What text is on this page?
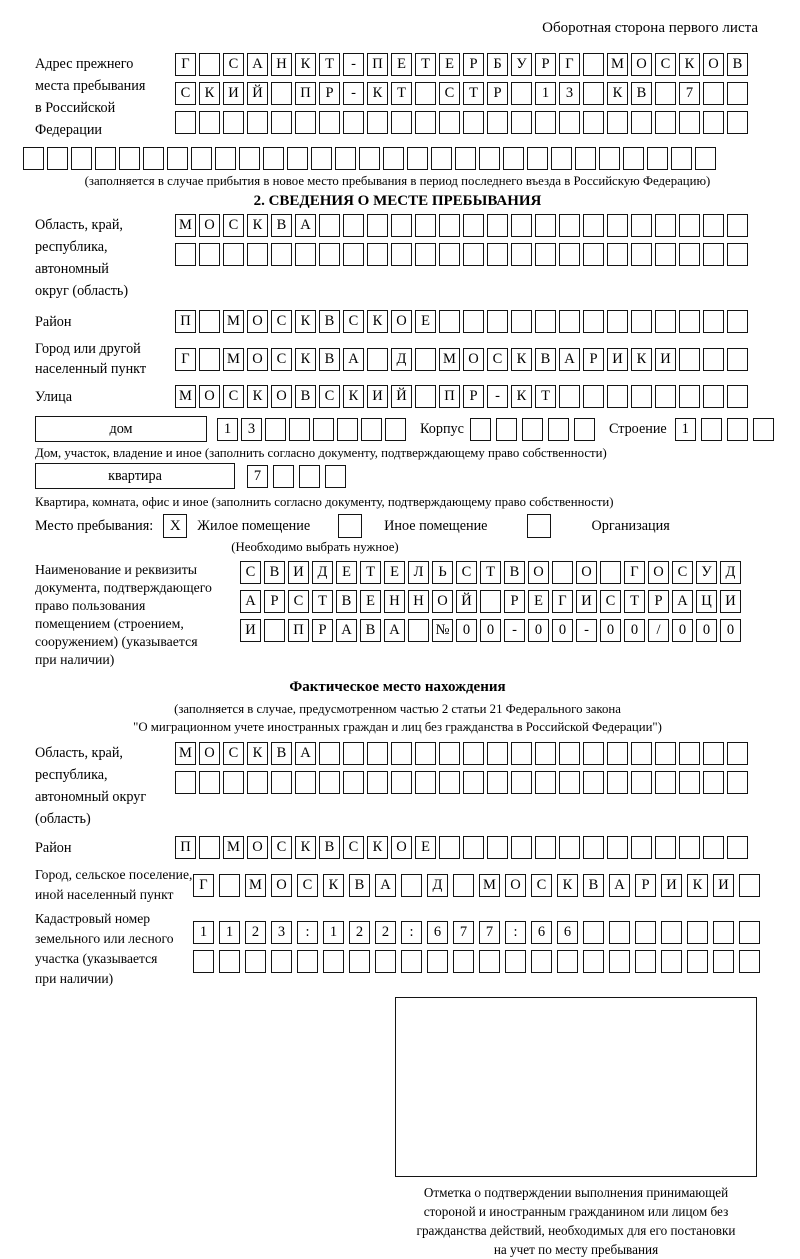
Оборотная сторона первого листа
Адрес прежнего
места пребывания
в Российской
Федерации
Г	С А Н К	Т	-	П Е	Т	Е	Р	Б	У	Р	Г	М О С К О В
С К И Й	П	Р	-	К	Т	С	Т	Р	1	3	К В	7
(заполняется в случае прибытия в новое место пребывания в период последнего въезда в Российскую Федерацию)
2. СВЕДЕНИЯ О МЕСТЕ ПРЕБЫВАНИЯ
Область, край,
республика,
автономный
округ (область)
М О С К В А
Район	П	М О С К В С К О Е
Город или другой
населенный пункт
Г	М О С К В А	Д	М О С К В А	Р	И К И
Улица	М О С К О В С К И Й	П	Р	-	К	Т
дом	1	3	Корпус	Строение	1
Дом, участок, владение и иное (заполнить согласно документу, подтверждающему право собственности)
квартира	7
Квартира, комната, офис и иное (заполнить согласно документу, подтверждающему право собственности)
Место пребывания:	X	Жилое помещение	Иное помещение	Организация
(Необходимо выбрать нужное)
Наименование и реквизиты
документа, подтверждающего
право пользования
помещением (строением,
сооружением) (указывается
при наличии)
С В И Д	Е	Т	Е	Л	Ь	С	Т	В О	О	Г	О С У Д
А	Р	С	Т	В	Е Н Н О Й	Р	Е	Г	И С	Т	Р	А Ц И
И	П	Р	А В А	№ 0	0	-	0	0	-	0	0	/	0	0	0
Фактическое место нахождения
(заполняется в случае, предусмотренном частью 2 статьи 21 Федерального закона
"О миграционном учете иностранных граждан и лиц без гражданства в Российской Федерации")
Область, край,
республика,
автономный округ
(область)
М О С К В А
Район	П	М О С К В С К О Е
Город, сельское поселение,
иной населенный пункт
Г	М О	С	К	В	А	Д	М О	С	К	В	А	Р	И	К	И
Кадастровый номер
земельного или лесного
участка (указывается
при наличии)
1	1	2	3	:	1	2	2	:	6	7	7	:	6	6
Отметка о подтверждении выполнения принимающей
стороной и иностранным гражданином или лицом без
гражданства действий, необходимых для его постановки
на учет по месту пребывания
